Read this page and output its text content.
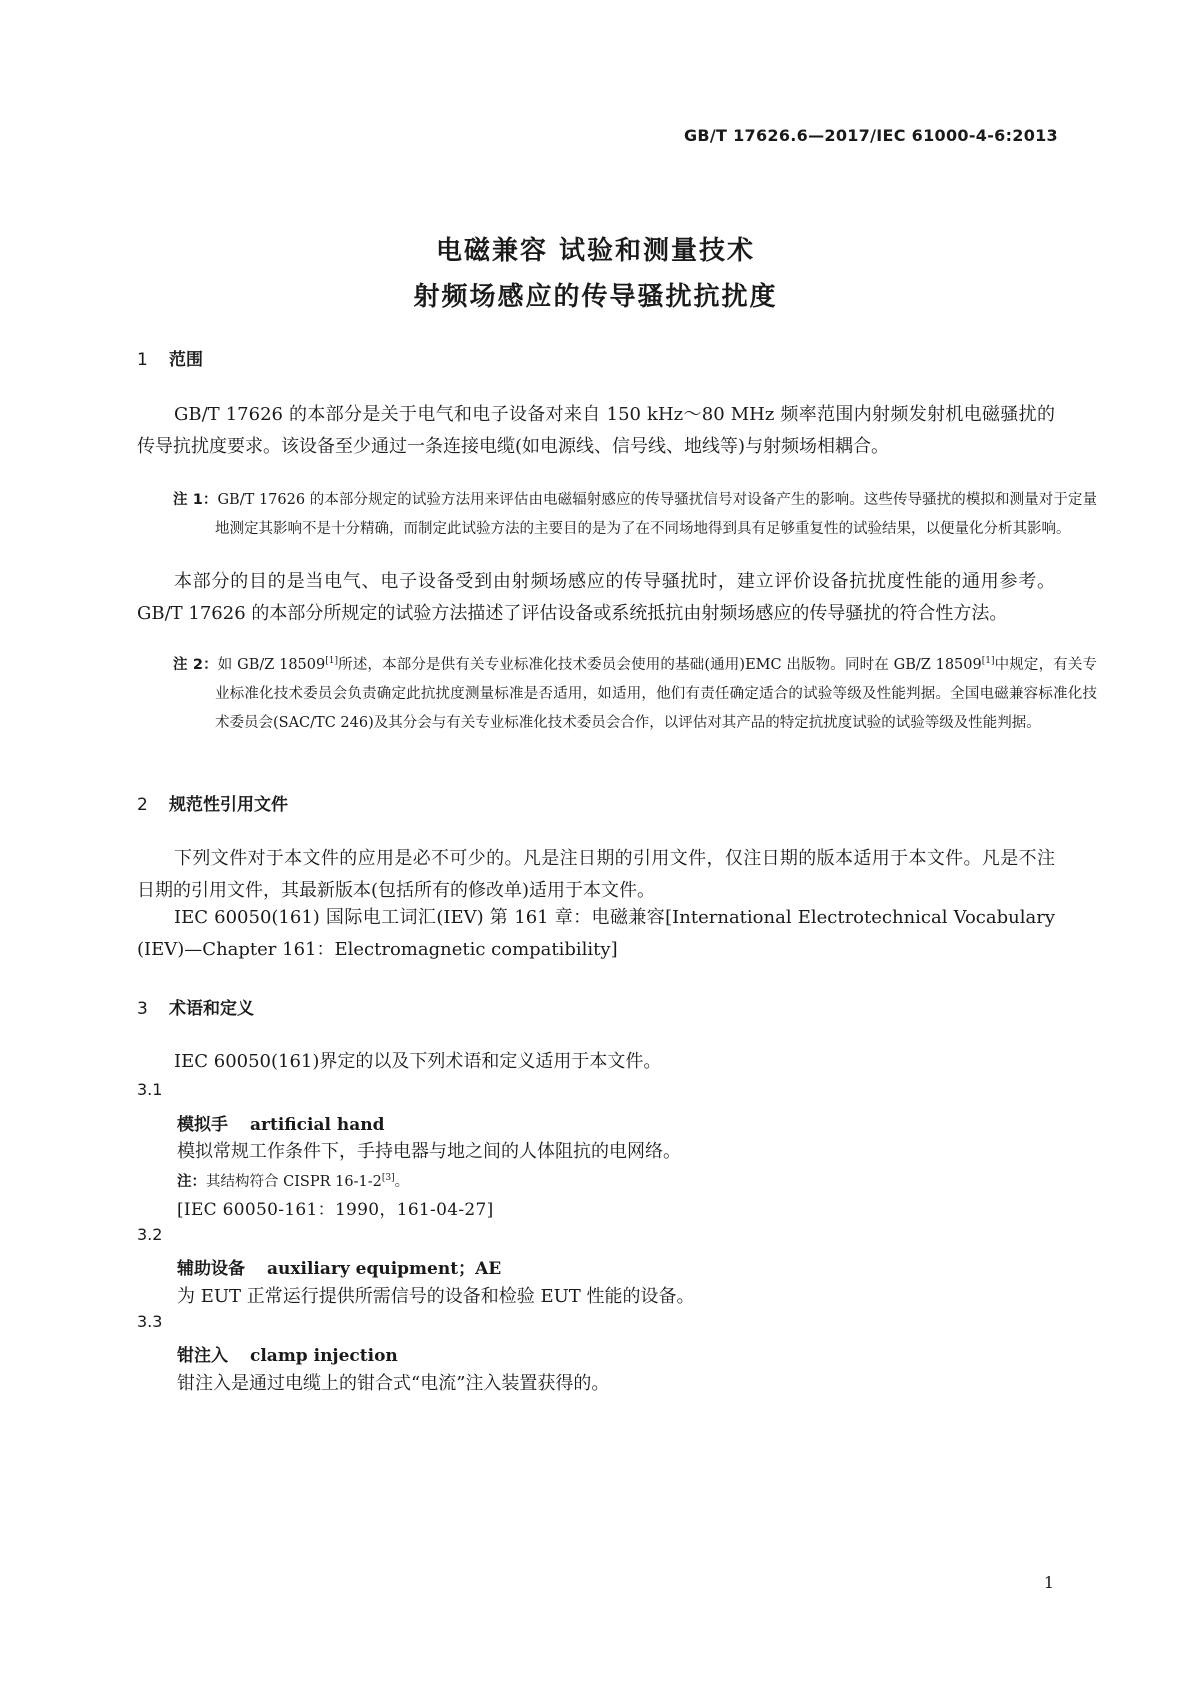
GB/T 17626.6—2017/IEC 61000-4-6:2013
电磁兼容 试验和测量技术
射频场感应的传导骚扰抗扰度
1 范围
GB/T 17626 的本部分是关于电气和电子设备对来自 150 kHz～80 MHz 频率范围内射频发射机电磁骚扰的传导抗扰度要求。该设备至少通过一条连接电缆(如电源线、信号线、地线等)与射频场相耦合。
注 1：GB/T 17626 的本部分规定的试验方法用来评估由电磁辐射感应的传导骚扰信号对设备产生的影响。这些传导骚扰的模拟和测量对于定量地测定其影响不是十分精确，而制定此试验方法的主要目的是为了在不同场地得到具有足够重复性的试验结果，以便量化分析其影响。
本部分的目的是当电气、电子设备受到由射频场感应的传导骚扰时，建立评价设备抗扰度性能的通用参考。GB/T 17626 的本部分所规定的试验方法描述了评估设备或系统抵抗由射频场感应的传导骚扰的符合性方法。
注 2：如 GB/Z 18509[1]所述，本部分是供有关专业标准化技术委员会使用的基础(通用)EMC 出版物。同时在 GB/Z 18509[1]中规定，有关专业标准化技术委员会负责确定此抗扰度测量标准是否适用，如适用，他们有责任确定适合的试验等级及性能判据。全国电磁兼容标准化技术委员会(SAC/TC 246)及其分会与有关专业标准化技术委员会合作，以评估对其产品的特定抗扰度试验的试验等级及性能判据。
2 规范性引用文件
下列文件对于本文件的应用是必不可少的。凡是注日期的引用文件，仅注日期的版本适用于本文件。凡是不注日期的引用文件，其最新版本(包括所有的修改单)适用于本文件。
IEC 60050(161) 国际电工词汇(IEV) 第 161 章：电磁兼容[International Electrotechnical Vocabulary (IEV)—Chapter 161：Electromagnetic compatibility]
3 术语和定义
IEC 60050(161)界定的以及下列术语和定义适用于本文件。
3.1
模拟手 artificial hand
模拟常规工作条件下，手持电器与地之间的人体阻抗的电网络。
注：其结构符合 CISPR 16-1-2[3]。
[IEC 60050-161：1990，161-04-27]
3.2
辅助设备 auxiliary equipment；AE
为 EUT 正常运行提供所需信号的设备和检验 EUT 性能的设备。
3.3
钳注入 clamp injection
钳注入是通过电缆上的钳合式“电流”注入装置获得的。
1
